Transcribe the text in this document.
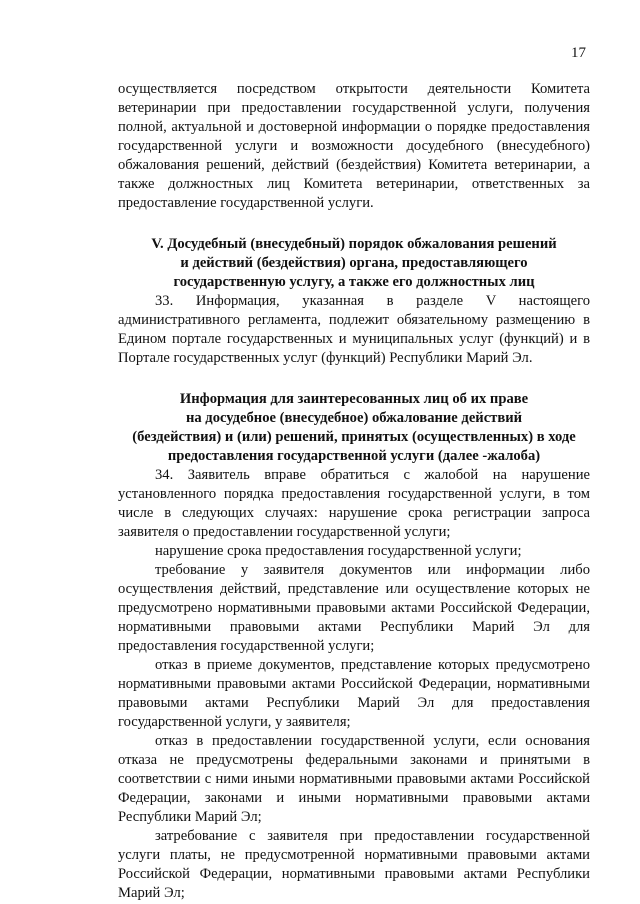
17

осуществляется посредством открытости деятельности Комитета ветеринарии при предоставлении государственной услуги, получения полной, актуальной и достоверной информации о порядке предоставления государственной услуги и возможности досудебного (внесудебного) обжалования решений, действий (бездействия) Комитета ветеринарии, а также должностных лиц Комитета ветеринарии, ответственных за предоставление государственной услуги.

V. Досудебный (внесудебный) порядок обжалования решений
и действий (бездействия) органа, предоставляющего
государственную услугу, а также его должностных лиц

33. Информация, указанная в разделе V настоящего административного регламента, подлежит обязательному размещению в Едином портале государственных и муниципальных услуг (функций) и в Портале государственных услуг (функций) Республики Марий Эл.

Информация для заинтересованных лиц об их праве
на досудебное (внесудебное) обжалование действий
(бездействия) и (или) решений, принятых (осуществленных) в ходе
предоставления государственной услуги (далее -жалоба)

34. Заявитель вправе обратиться с жалобой на нарушение установленного порядка предоставления государственной услуги, в том числе в следующих случаях: нарушение срока регистрации запроса заявителя о предоставлении государственной услуги;

нарушение срока предоставления государственной услуги;

требование у заявителя документов или информации либо осуществления действий, представление или осуществление которых не предусмотрено нормативными правовыми актами Российской Федерации, нормативными правовыми актами Республики Марий Эл для предоставления государственной услуги;

отказ в приеме документов, представление которых предусмотрено нормативными правовыми актами Российской Федерации, нормативными правовыми актами Республики Марий Эл для предоставления государственной услуги, у заявителя;

отказ в предоставлении государственной услуги, если основания отказа не предусмотрены федеральными законами и принятыми в соответствии с ними иными нормативными правовыми актами Российской Федерации, законами и иными нормативными правовыми актами Республики Марий Эл;

затребование с заявителя при предоставлении государственной услуги платы, не предусмотренной нормативными правовыми актами Российской Федерации, нормативными правовыми актами Республики Марий Эл;
